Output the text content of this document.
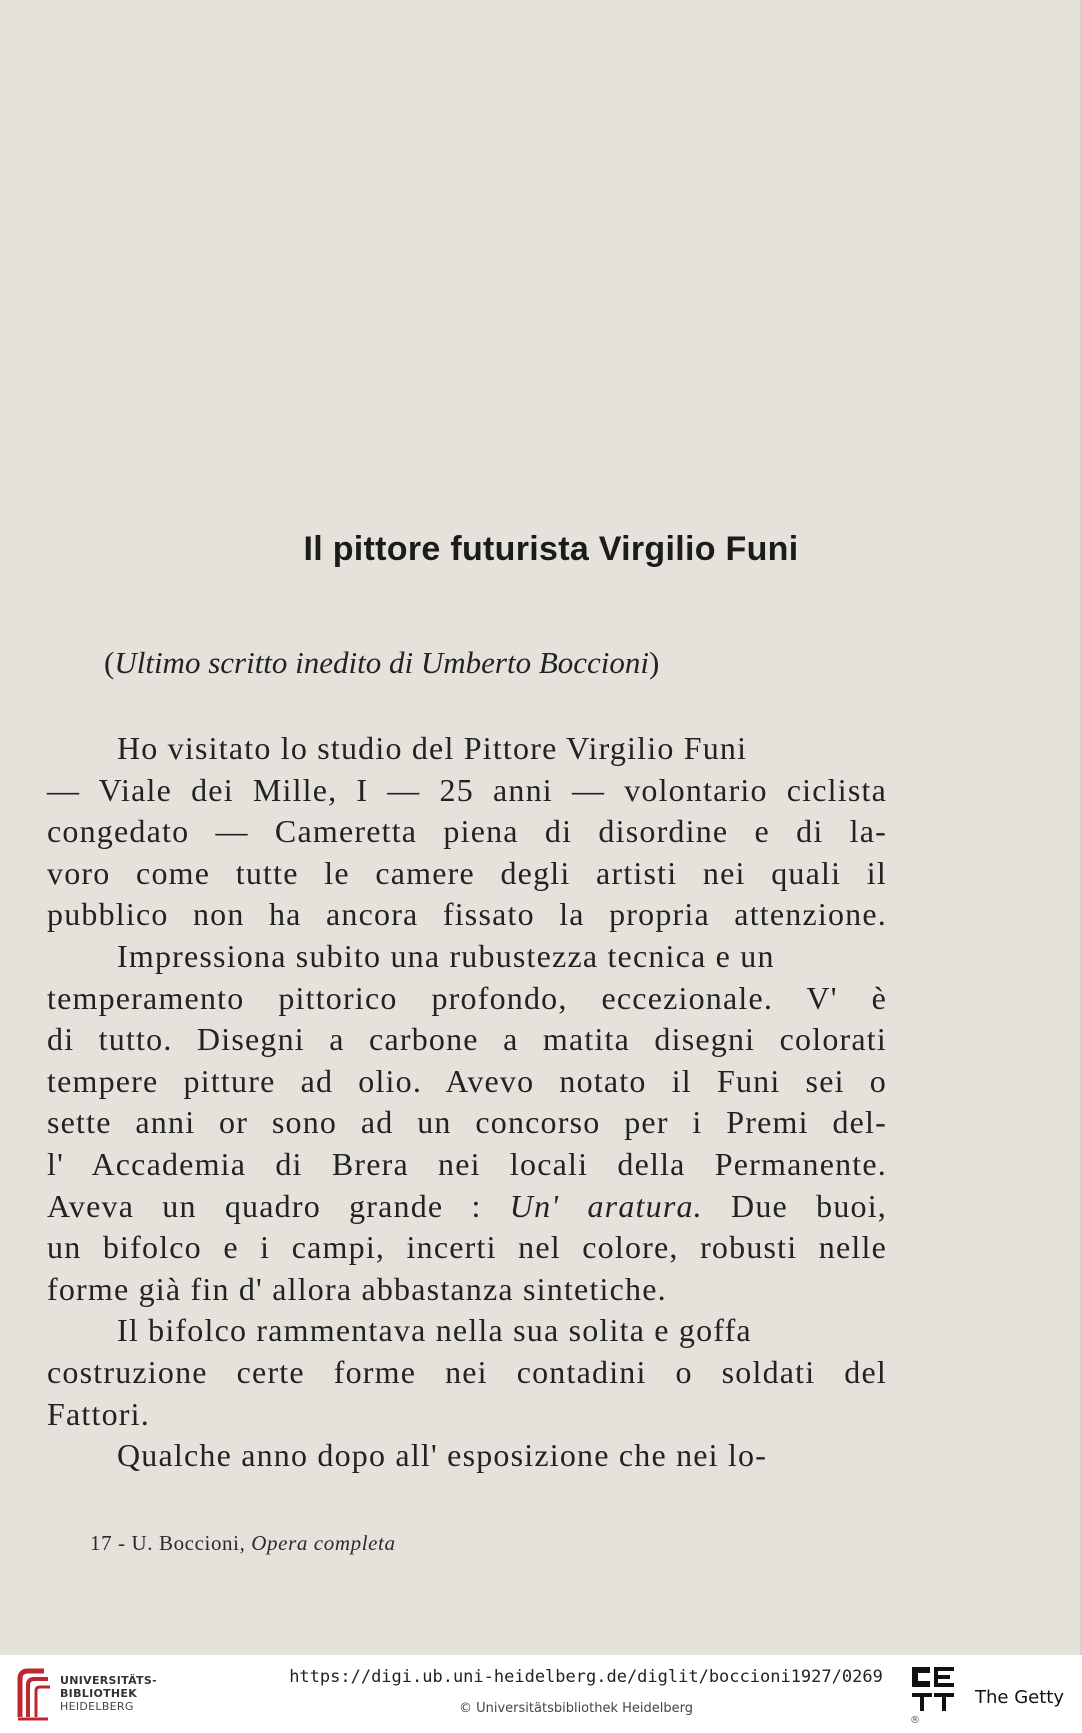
Il pittore futurista Virgilio Funi
(Ultimo scritto inedito di Umberto Boccioni)
Ho visitato lo studio del Pittore Virgilio Funi
— Viale dei Mille, I — 25 anni — volontario ciclista
congedato — Cameretta piena di disordine e di la-
voro come tutte le camere degli artisti nei quali il
pubblico non ha ancora fissato la propria attenzione.
Impressiona subito una rubustezza tecnica e un
temperamento pittorico profondo, eccezionale. V' è
di tutto. Disegni a carbone a matita disegni colorati
tempere pitture ad olio. Avevo notato il Funi sei o
sette anni or sono ad un concorso per i Premi del-
l' Accademia di Brera nei locali della Permanente.
Aveva un quadro grande : Un' aratura. Due buoi,
un bifolco e i campi, incerti nel colore, robusti nelle
forme già fin d' allora abbastanza sintetiche.
Il bifolco rammentava nella sua solita e goffa
costruzione certe forme nei contadini o soldati del
Fattori.
Qualche anno dopo all' esposizione che nei lo-
17 - U. Boccioni, Opera completa
UNIVERSITÄTS-
BIBLIOTHEK
HEIDELBERG
https://digi.ub.uni-heidelberg.de/diglit/boccioni1927/0269
© Universitätsbibliothek Heidelberg
®
The Getty
